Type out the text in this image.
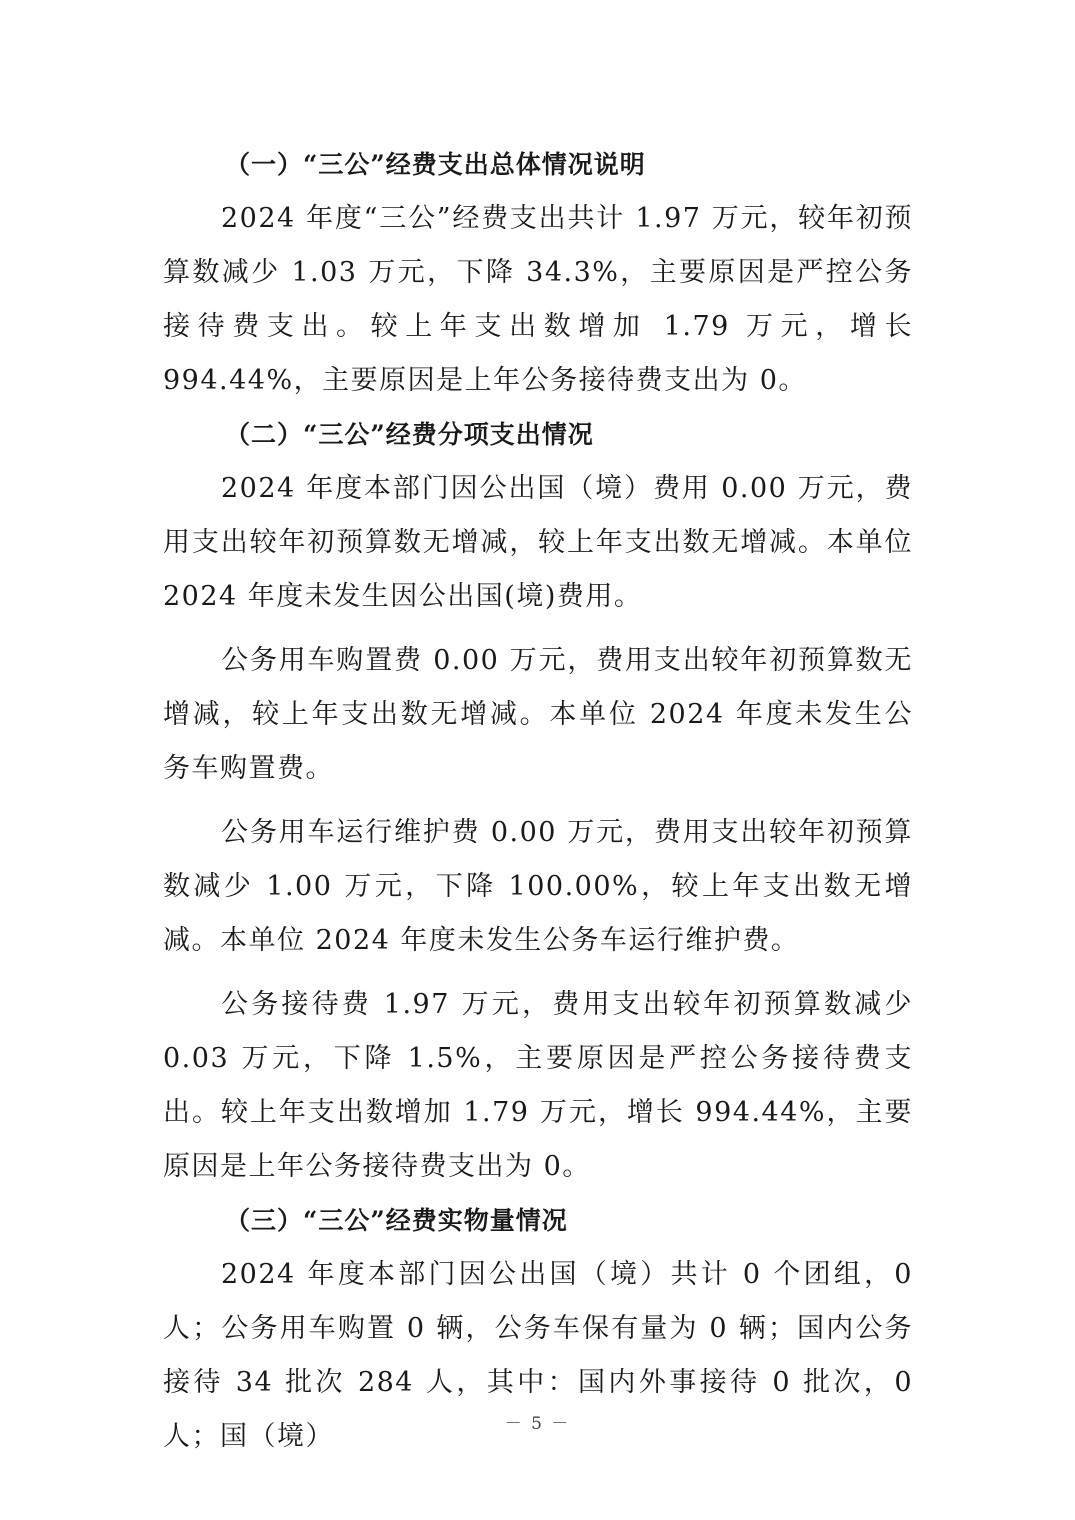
（一）“三公”经费支出总体情况说明

2024 年度“三公”经费支出共计 1.97 万元，较年初预算数减少 1.03 万元，下降 34.3%，主要原因是严控公务接待费支出。较上年支出数增加 1.79 万元，增长 994.44%，主要原因是上年公务接待费支出为 0。

（二）“三公”经费分项支出情况

2024 年度本部门因公出国（境）费用 0.00 万元，费用支出较年初预算数无增减，较上年支出数无增减。本单位 2024 年度未发生因公出国(境)费用。

公务用车购置费 0.00 万元，费用支出较年初预算数无增减，较上年支出数无增减。本单位 2024 年度未发生公务车购置费。

公务用车运行维护费 0.00 万元，费用支出较年初预算数减少 1.00 万元，下降 100.00%，较上年支出数无增减。本单位 2024 年度未发生公务车运行维护费。

公务接待费 1.97 万元，费用支出较年初预算数减少 0.03 万元，下降 1.5%，主要原因是严控公务接待费支出。较上年支出数增加 1.79 万元，增长 994.44%，主要原因是上年公务接待费支出为 0。

（三）“三公”经费实物量情况

2024 年度本部门因公出国（境）共计 0 个团组，0 人；公务用车购置 0 辆，公务车保有量为 0 辆；国内公务接待 34 批次 284 人，其中：国内外事接待 0 批次，0 人；国（境）	－ 5 －
